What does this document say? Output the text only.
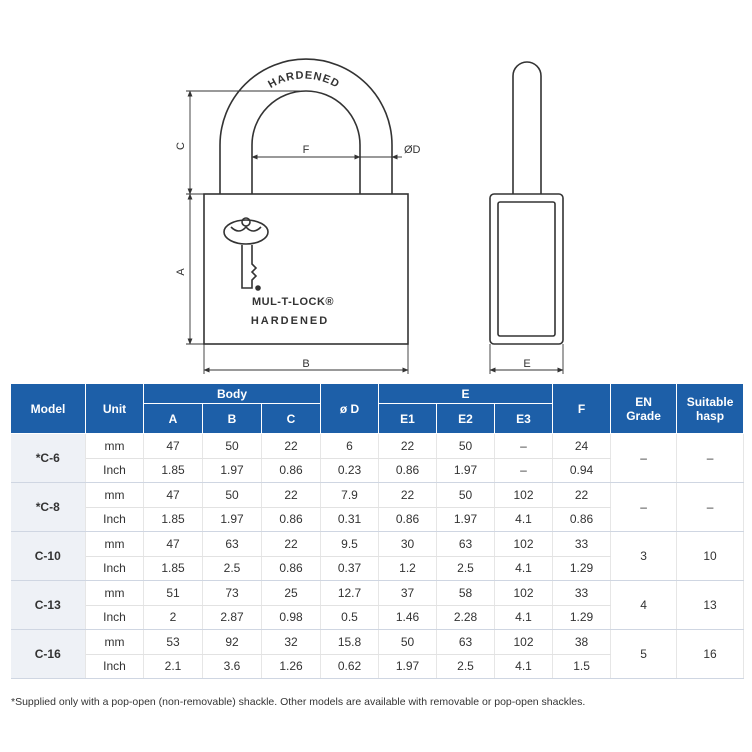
HARDENED
MUL-T-LOCK®
HARDENED
C
A
B	E
F	ØD
Model	Unit	Body			ø D	E			F	EN Grade	Suitable hasp
		A	B	C		E1	E2	E3			
*C-6	mm	47	50	22	6	22	50	–	24	–	–
	Inch	1.85	1.97	0.86	0.23	0.86	1.97	–	0.94		
*C-8	mm	47	50	22	7.9	22	50	102	22	–	–
	Inch	1.85	1.97	0.86	0.31	0.86	1.97	4.1	0.86		
C-10	mm	47	63	22	9.5	30	63	102	33	3	10
	Inch	1.85	2.5	0.86	0.37	1.2	2.5	4.1	1.29		
C-13	mm	51	73	25	12.7	37	58	102	33	4	13
	Inch	2	2.87	0.98	0.5	1.46	2.28	4.1	1.29		
C-16	mm	53	92	32	15.8	50	63	102	38	5	16
	Inch	2.1	3.6	1.26	0.62	1.97	2.5	4.1	1.5		
*Supplied only with a pop-open (non-removable) shackle. Other models are available with removable or pop-open shackles.
